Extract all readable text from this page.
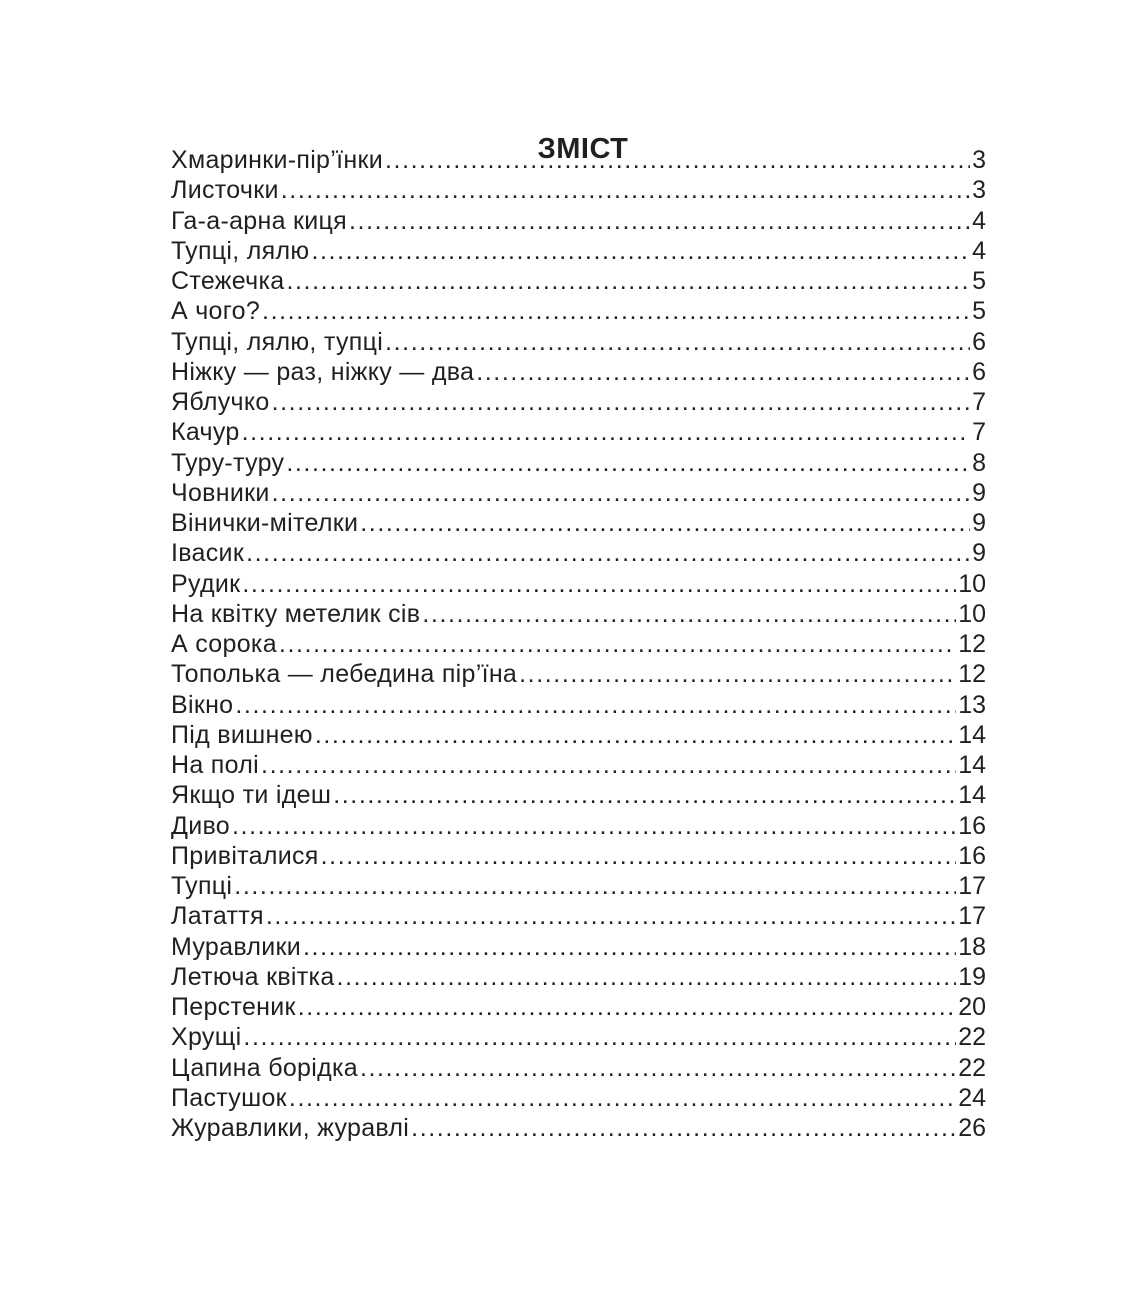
ЗМІСТ
Хмаринки-пір’їнки .....	3
Листочки .....	3
Га-а-арна киця .....	4
Тупці, лялю .....	4
Стежечка .....	5
А чого? .....	5
Тупці, лялю, тупці .....	6
Ніжку — раз, ніжку — два .....	6
Яблучко .....	7
Качур .....	7
Туру-туру .....	8
Човники .....	9
Вінички-мітелки .....	9
Івасик .....	9
Рудик .....	10
На квітку метелик сів .....	10
А сорока .....	12
Тополька — лебедина пір’їна .....	12
Вікно .....	13
Під вишнею .....	14
На полі .....	14
Якщо ти ідеш .....	14
Диво .....	16
Привіталися .....	16
Тупці .....	17
Латаття .....	17
Муравлики .....	18
Летюча квітка .....	19
Перстеник .....	20
Хрущі .....	22
Цапина борідка .....	22
Пастушок .....	24
Журавлики, журавлі .....	26
